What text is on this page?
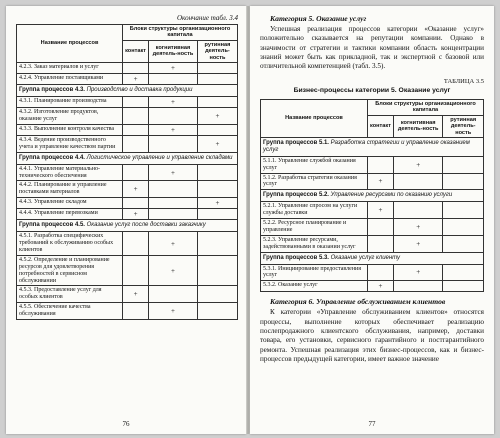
Окончание табл. 3.4
Название процессов	Блоки структуры организационного капитала		
	контакт	когнитивная деятель-ность	рутинная деятель-ность
4.2.3. Заказ материалов и услуг		+	
4.2.4. Управление поставщиками	+		
Группа процессов 4.3. Производство и доставка продукции			
4.3.1. Планирование производства		+	
4.3.2. Изготовление продуктов, оказание услуг			+
4.3.3. Выполнение контроля качества		+	
4.3.4. Ведение производственного учета и управление качеством партии			+
Группа процессов 4.4. Логистическое управление и управление складами			
4.4.1. Управление материально-технического обеспечения		+	
4.4.2. Планирование и управление поставками материалов	+		
4.4.3. Управление складом			+
4.4.4. Управление перевозками	+		
Группа процессов 4.5. Оказание услуг после доставки заказчику			
4.5.1. Разработка специфических требований к обслуживанию особых клиентов		+	
4.5.2. Определение и планирование ресурсов для удовлетворения потребностей в сервисном обслуживании		+	
4.5.3. Предоставление услуг для особых клиентов	+		
4.5.5. Обеспечение качества обслуживания		+	
76
Категория 5. Оказание услуг

Успешная реализация процессов категории «Оказание услуг» положительно сказывается на репутации компании. Однако в значимости от стратегии и тактики компании область концентрации знаний может быть как прикладной, так и экспертной с базовой или отличительной компетенцией (табл. 3.5).

ТАБЛИЦА 3.5
Бизнес-процессы категории 5. Оказание услуг
Название процессов	Блоки структуры организационного капитала		
	контакт	когнитивная деятель-ность	рутинная деятель-ность
Группа процессов 5.1. Разработка стратегии и управление оказанием услуг			
5.1.1. Управление службой оказания услуг		+	
5.1.2. Разработка стратегии оказания услуг	+		
Группа процессов 5.2. Управление ресурсами по оказанию услуги			
5.2.1. Управление спросом на услуги службы доставки	+		
5.2.2. Ресурсное планирование и управление		+	
5.2.3. Управление ресурсами, задействованными в оказании услуг		+	
Группа процессов 5.3. Оказание услуг клиенту			
5.3.1. Инициирование предоставления услуг		+	
5.3.2. Оказание услуг	+		
Категория 6. Управление обслуживанием клиентов

К категории «Управление обслуживанием клиентов» относятся процессы, выполнение которых обеспечивает реализацию послепродажного клиентского обслуживания, например, доставки товара, его установки, сервисного гарантийного и постгарантийного ремонта. Успешная реализация этих бизнес-процессов, как и бизнес-процессов предыдущей категории, имеет важное значение

77
